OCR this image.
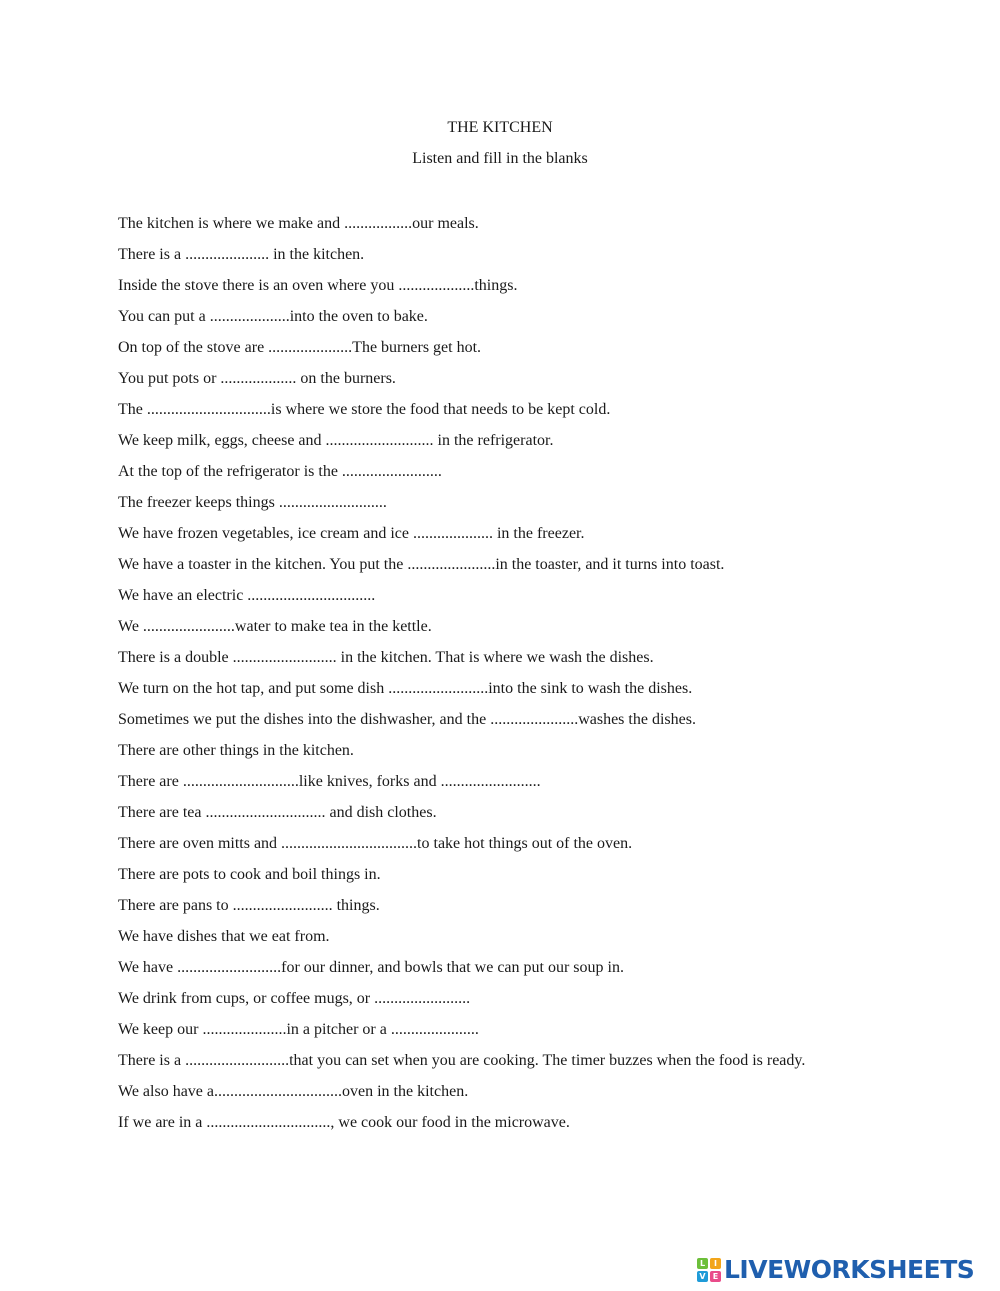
THE KITCHEN
Listen and fill in the blanks
The kitchen is where we make and .................our meals.
There is a ..................... in the kitchen.
Inside the stove there is an oven where you ...................things.
You can put a ....................into the oven to bake.
On top of the stove are .....................The burners get hot.
You put pots or ................... on the burners.
The ...............................is where we store the food that needs to be kept cold.
We keep milk, eggs, cheese and ........................... in the refrigerator.
At the top of the refrigerator is the .........................
The freezer keeps things ...........................
We have frozen vegetables, ice cream and ice .................... in the freezer.
We have a toaster in the kitchen. You put the ......................in the toaster, and it turns into toast.
We have an electric ................................
We .......................water to make tea in the kettle.
There is a double .......................... in the kitchen. That is where we wash the dishes.
We turn on the hot tap, and put some dish .........................into the sink to wash the dishes.
Sometimes we put the dishes into the dishwasher, and the ......................washes the dishes.
There are other things in the kitchen.
There are .............................like knives, forks and .........................
There are tea .............................. and dish clothes.
There are oven mitts and ..................................to take hot things out of the oven.
There are pots to cook and boil things in.
There are pans to ......................... things.
We have dishes that we eat from.
We have ..........................for our dinner, and bowls that we can put our soup in.
We drink from cups, or coffee mugs, or ........................
We keep our .....................in a pitcher or a ......................
There is a ..........................that you can set when you are cooking. The timer buzzes when the food is ready.
We also have a................................oven in the kitchen.
If we are in a ..............................., we cook our food in the microwave.
L	I
V E LIVEWORKSHEETS
